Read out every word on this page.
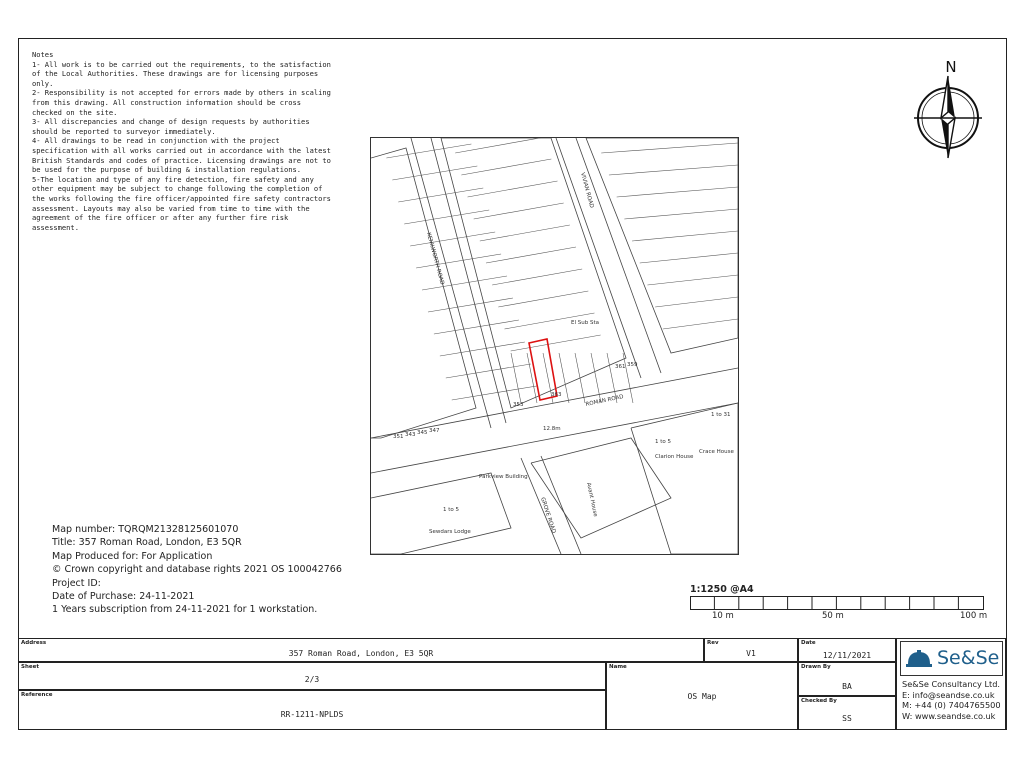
Notes
1- All work is to be carried out the requirements, to the satisfaction of the Local Authorities. These drawings are for licensing purposes only.
2- Responsibility is not accepted for errors made by others in scaling from this drawing. All construction information should be cross checked on the site.
3- All discrepancies and change of design requests by authorities should be reported to surveyor immediately.
4- All drawings to be read in conjunction with the project specification with all works carried out in accordance with the latest British Standards and codes of practice. Licensing drawings are not to be used for the purpose of building & installation regulations.
5-The location and type of any fire detection, fire safety and any other equipment may be subject to change following the completion of the works following the fire officer/appointed fire safety contractors assessment. Layouts may also be varied from time to time with the agreement of the fire officer or after any further fire risk assessment.
N
KENILWORTH ROAD
VIVIAN ROAD
ROMAN ROAD
GROVE ROAD
El Sub Sta
Parkview Building
Clarion House
Crace House
Sewdars Lodge
Avant House
12.8m
363
361 359
353
351 343 345 347
1 to 5
1 to 5
1 to 31
Map number: TQRQM21328125601070
Title: 357 Roman Road, London, E3 5QR
Map Produced for: For Application
© Crown copyright and database rights 2021 OS 100042766
Project ID:
Date of Purchase: 24-11-2021
1 Years subscription from 24-11-2021 for 1 workstation.
1:1250 @A4
10 m	50 m	100 m
Address
357 Roman Road, London, E3 5QR
Rev
V1
Date
12/11/2021
Sheet
2/3
Name
OS Map
Drawn By
BA
Reference
RR-1211-NPLDS
Checked By
SS
Se&Se
Se&Se Consultancy Ltd.
E: info@seandse.co.uk
M: +44 (0) 7404765500
W: www.seandse.co.uk
